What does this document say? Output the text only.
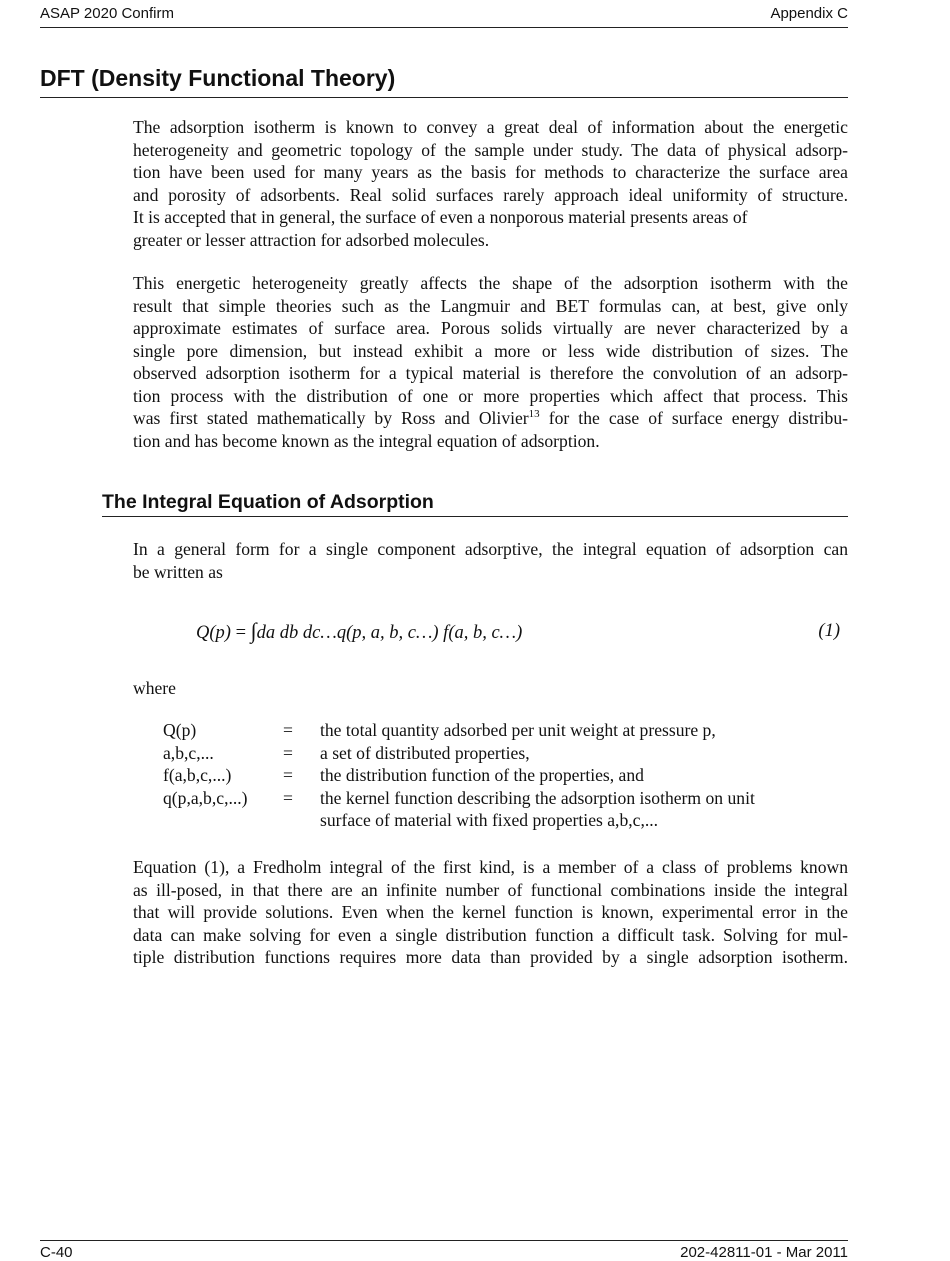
ASAP 2020 Confirm	Appendix C
DFT (Density Functional Theory)

The adsorption isotherm is known to convey a great deal of information about the energetic
heterogeneity and geometric topology of the sample under study. The data of physical adsorp-
tion have been used for many years as the basis for methods to characterize the surface area
and porosity of adsorbents. Real solid surfaces rarely approach ideal uniformity of structure.
It is accepted that in general, the surface of even a nonporous material presents areas of
greater or lesser attraction for adsorbed molecules.

This energetic heterogeneity greatly affects the shape of the adsorption isotherm with the
result that simple theories such as the Langmuir and BET formulas can, at best, give only
approximate estimates of surface area. Porous solids virtually are never characterized by a
single pore dimension, but instead exhibit a more or less wide distribution of sizes. The
observed adsorption isotherm for a typical material is therefore the convolution of an adsorp-
tion process with the distribution of one or more properties which affect that process. This
was first stated mathematically by Ross and Olivier$^{13}$ for the case of surface energy distribu-
tion and has become known as the integral equation of adsorption.

The Integral Equation of Adsorption

In a general form for a single component adsorptive, the integral equation of adsorption can
be written as

Q(p) = ∫da db dc…q(p, a, b, c…) f(a, b, c…)	(1)

where

Q(p)	= the total quantity adsorbed per unit weight at pressure p,
a,b,c,...	= a set of distributed properties,
f(a,b,c,...)	= the distribution function of the properties, and
q(p,a,b,c,...) = the kernel function describing the adsorption isotherm on unit
surface of material with fixed properties a,b,c,...

Equation (1), a Fredholm integral of the first kind, is a member of a class of problems known
as ill-posed, in that there are an infinite number of functional combinations inside the integral
that will provide solutions. Even when the kernel function is known, experimental error in the
data can make solving for even a single distribution function a difficult task. Solving for mul-
tiple distribution functions requires more data than provided by a single adsorption isotherm.

C-40	202-42811-01 - Mar 2011
